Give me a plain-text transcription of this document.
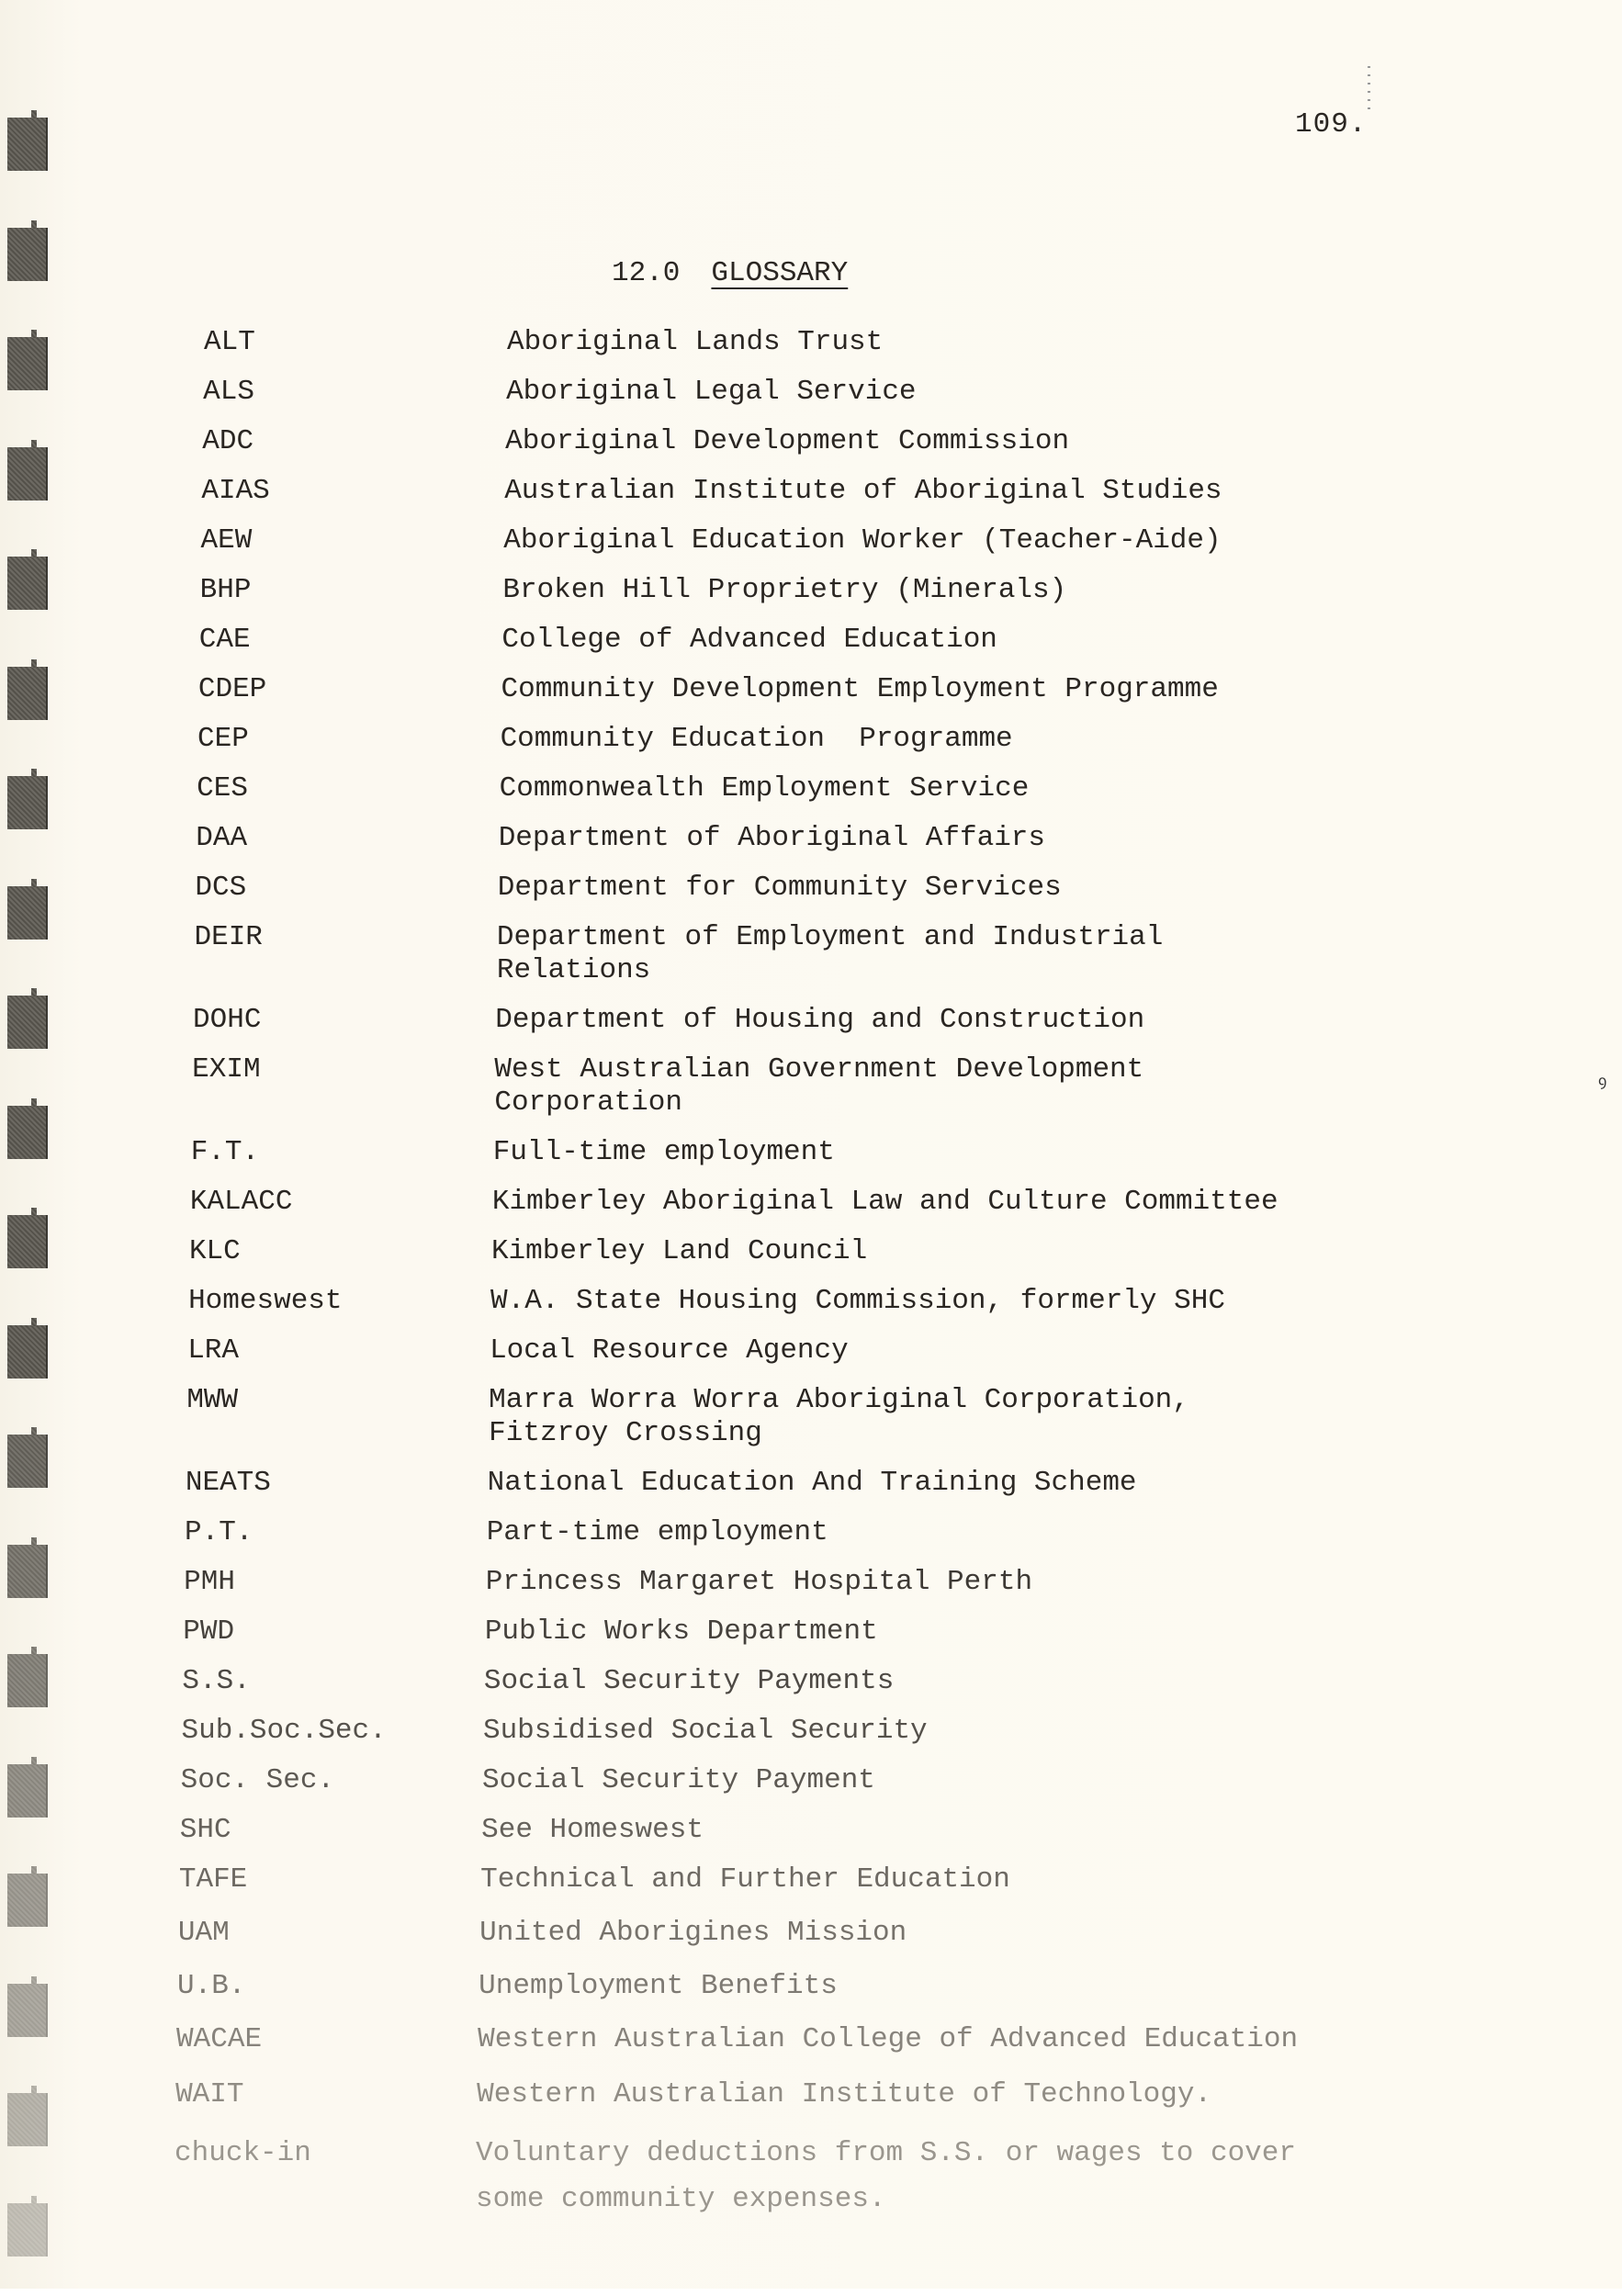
109.
12.0 GLOSSARY
ꝯ

ALT

	Aboriginal Lands Trust

ALS

	Aboriginal Legal Service

ADC

	Aboriginal Development Commission

AIAS

	Australian Institute of Aboriginal Studies

AEW

	Aboriginal Education Worker (Teacher-Aide)

BHP

	Broken Hill Proprietry (Minerals)

CAE

	College of Advanced Education

CDEP

	Community Development Employment Programme

CEP

	Community Education  Programme

CES

	Commonwealth Employment Service

DAA

	Department of Aboriginal Affairs

DCS

	Department for Community Services

DEIR

	Department of Employment and Industrial
Relations

DOHC

	Department of Housing and Construction

EXIM

	West Australian Government Development
Corporation

F.T.

	Full-time employment

KALACC

	Kimberley Aboriginal Law and Culture Committee

KLC

	Kimberley Land Council

Homeswest

	W.A. State Housing Commission, formerly SHC

LRA

	Local Resource Agency

MWW

	Marra Worra Worra Aboriginal Corporation,
Fitzroy Crossing

NEATS

	National Education And Training Scheme

P.T.

	Part-time employment

PMH

	Princess Margaret Hospital Perth

PWD

	Public Works Department

S.S.

	Social Security Payments

Sub.Soc.Sec.

	Subsidised Social Security

Soc. Sec.

	Social Security Payment

SHC

	See Homeswest

TAFE

	Technical and Further Education

UAM

	United Aborigines Mission

U.B.

	Unemployment Benefits

WACAE

	Western Australian College of Advanced Education

WAIT

	Western Australian Institute of Technology.

chuck-in

	Voluntary deductions from S.S. or wages to cover
some community expenses.
